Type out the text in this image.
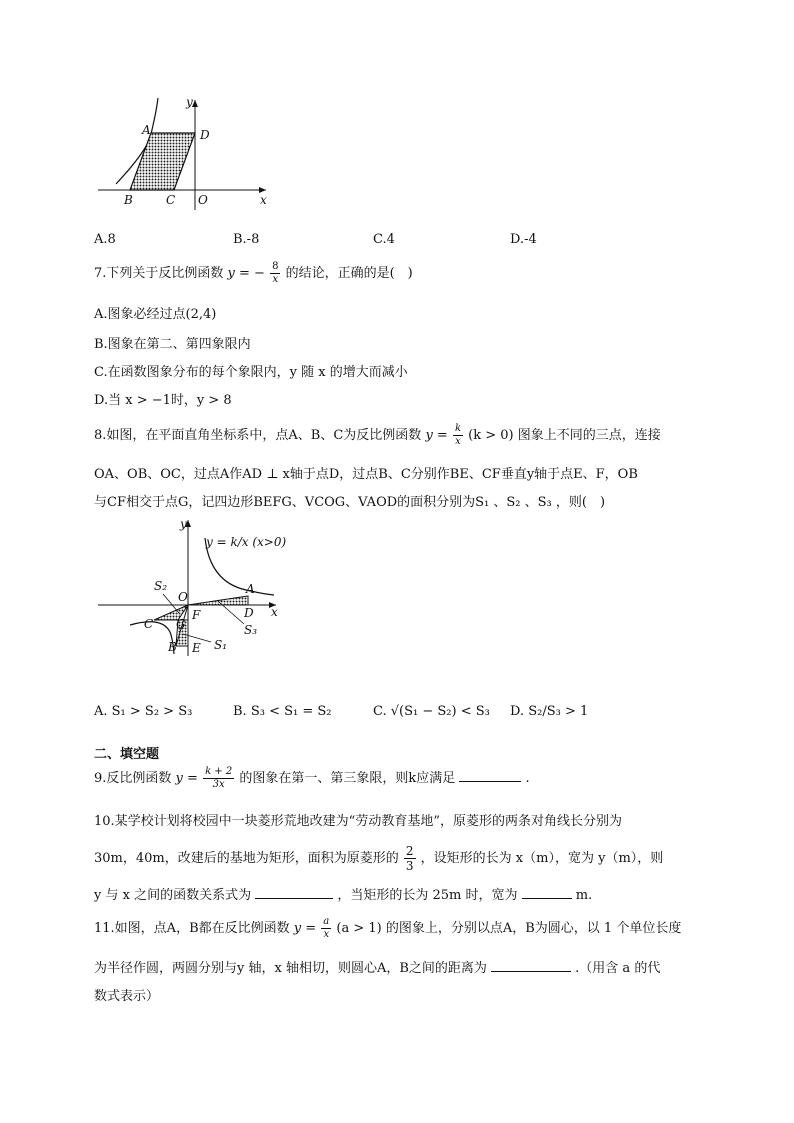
A	D
B	C O	x
y
A.8	B.-8	C.4	D.-4
7.下列关于反比例函数 y = − $\frac{8}{x}$ 的结论，正确的是(　)
A.图象必经过点(2,4)
B.图象在第二、第四象限内
C.在函数图象分布的每个象限内，y 随 x 的增大而减小
D.当 x > −1时，y > 8
8.如图，在平面直角坐标系中，点A、B、C为反比例函数 $y = \frac{k}{x} (k > 0)$ 图象上不同的三点，连接
OA、OB、OC，过点A作AD ⊥ x轴于点D，过点B、C分别作BE、CF垂直y轴于点E、F，OB
与CF相交于点G，记四边形BEFG、VCOG、VAOD的面积分别为S₁ 、S₂ 、S₃ ，则(　)
y
x
O
A
D
C G
F
B E
S₂
S₃
S₁
y = k/x (x>0)
A. S₁ > S₂ > S₃	B. S₃ < S₁ = S₂	C. √(S₁ − S₂) < S₃ D. S₂/S₃ > 1
二、填空题
9.反比例函数 $y = \frac{k + 2}{3x}$ 的图象在第一、第三象限，则k应满足	.
10.某学校计划将校园中一块菱形荒地改建为“劳动教育基地”，原菱形的两条对角线长分别为
30m，40m，改建后的基地为矩形，面积为原菱形的 $\frac{2}{3}$ ，设矩形的长为 x（m），宽为 y（m），则
y 与 x 之间的函数关系式为	，当矩形的长为 25m 时，宽为	m.
11.如图，点A，B都在反比例函数 $y = \frac{a}{x} (a > 1)$ 的图象上，分别以点A，B为圆心，以 1 个单位长度
为半径作圆，两圆分别与y 轴，x 轴相切，则圆心A，B之间的距离为	.（用含 a 的代
数式表示）
